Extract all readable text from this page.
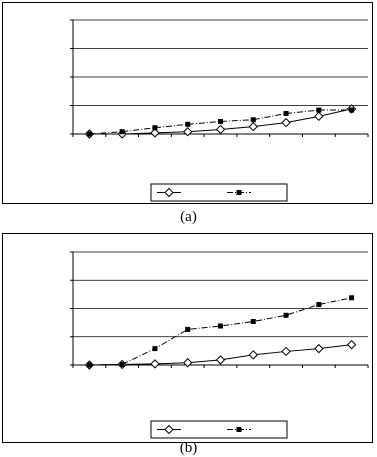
(a)
(b)
